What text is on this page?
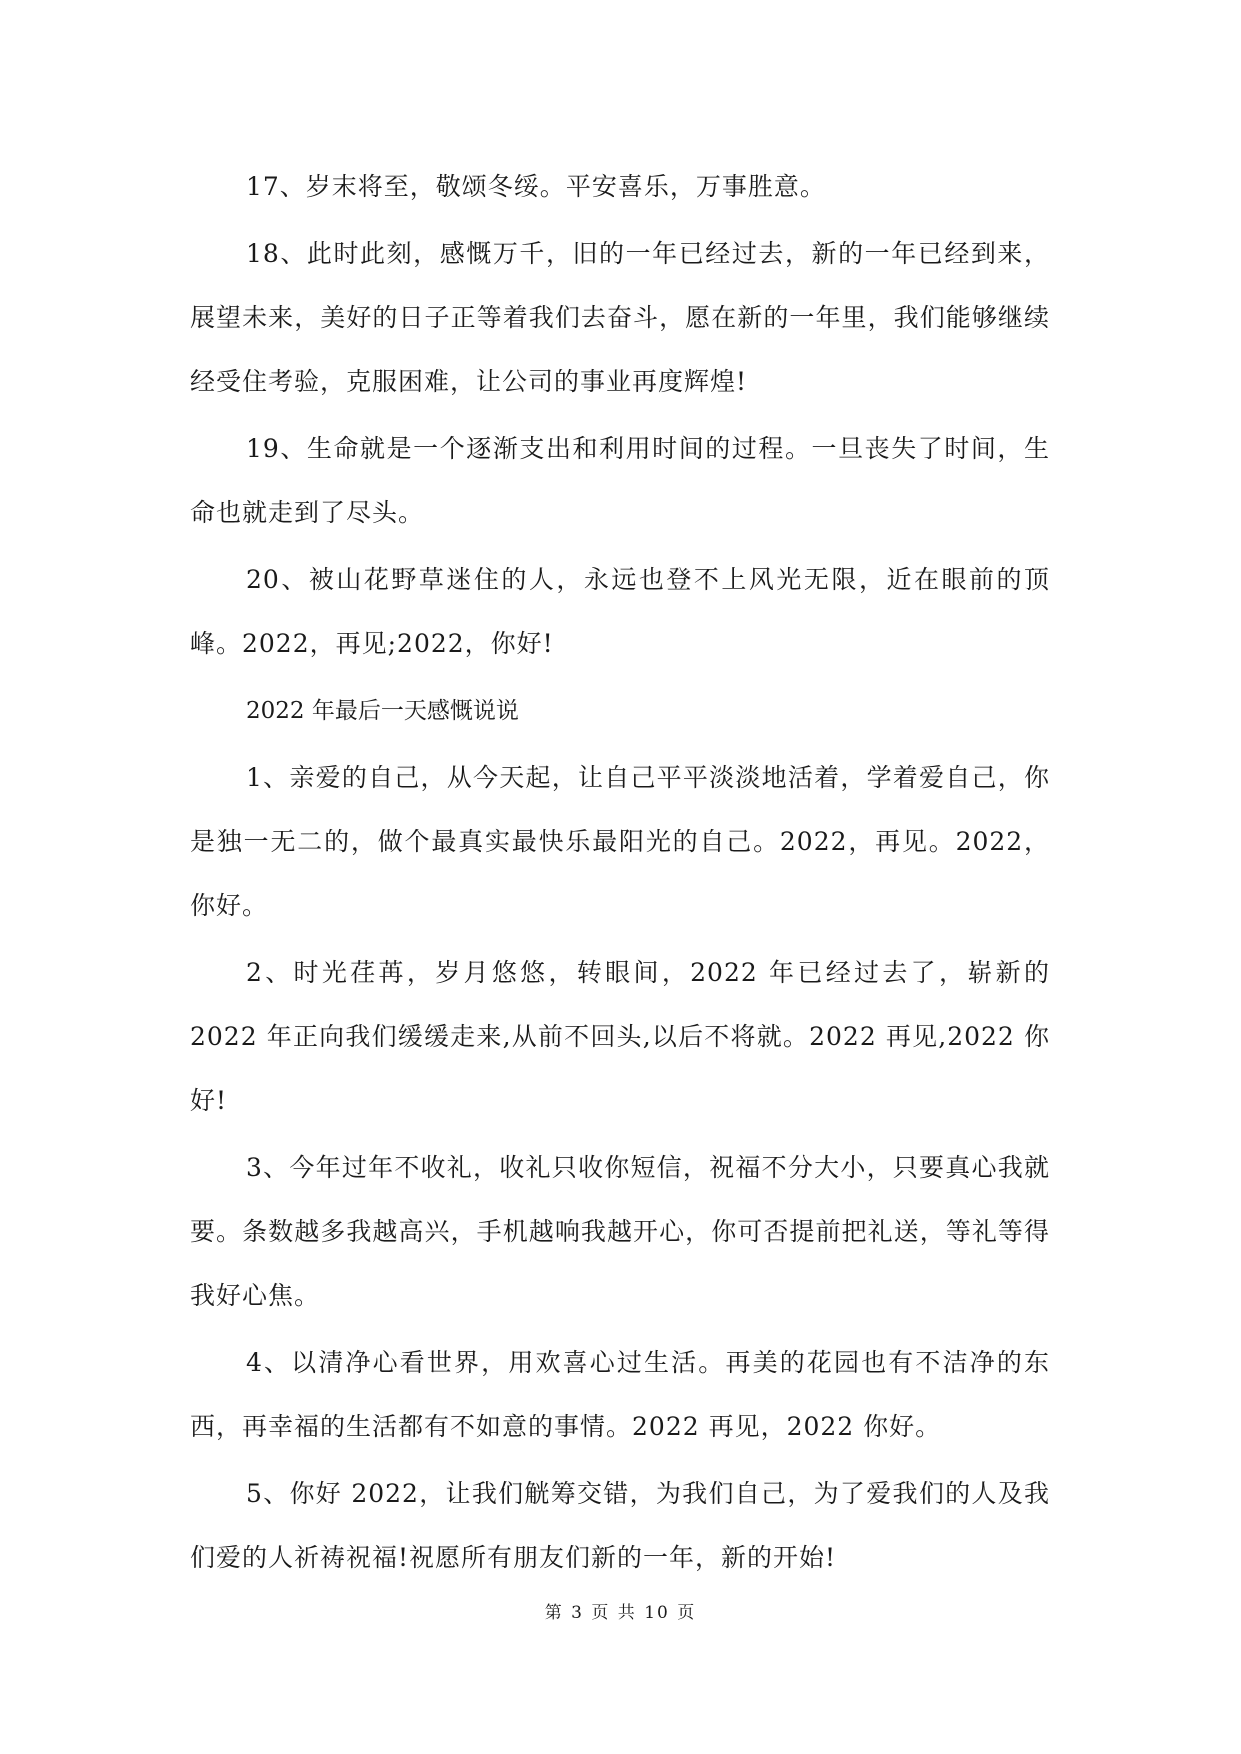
17、岁末将至，敬颂冬绥。平安喜乐，万事胜意。

18、此时此刻，感慨万千，旧的一年已经过去，新的一年已经到来，展望未来，美好的日子正等着我们去奋斗，愿在新的一年里，我们能够继续经受住考验，克服困难，让公司的事业再度辉煌!

19、生命就是一个逐渐支出和利用时间的过程。一旦丧失了时间，生命也就走到了尽头。

20、被山花野草迷住的人，永远也登不上风光无限，近在眼前的顶峰。2022，再见;2022，你好!

2022 年最后一天感慨说说

1、亲爱的自己，从今天起，让自己平平淡淡地活着，学着爱自己，你是独一无二的，做个最真实最快乐最阳光的自己。2022，再见。2022，你好。

2、时光荏苒，岁月悠悠，转眼间，2022 年已经过去了，崭新的 2022 年正向我们缓缓走来,从前不回头,以后不将就。2022 再见,2022 你好!

3、今年过年不收礼，收礼只收你短信，祝福不分大小，只要真心我就要。条数越多我越高兴，手机越响我越开心，你可否提前把礼送，等礼等得我好心焦。

4、以清净心看世界，用欢喜心过生活。再美的花园也有不洁净的东西，再幸福的生活都有不如意的事情。2022 再见，2022 你好。

5、你好 2022，让我们觥筹交错，为我们自己，为了爱我们的人及我们爱的人祈祷祝福!祝愿所有朋友们新的一年，新的开始!

第 3 页 共 10 页
